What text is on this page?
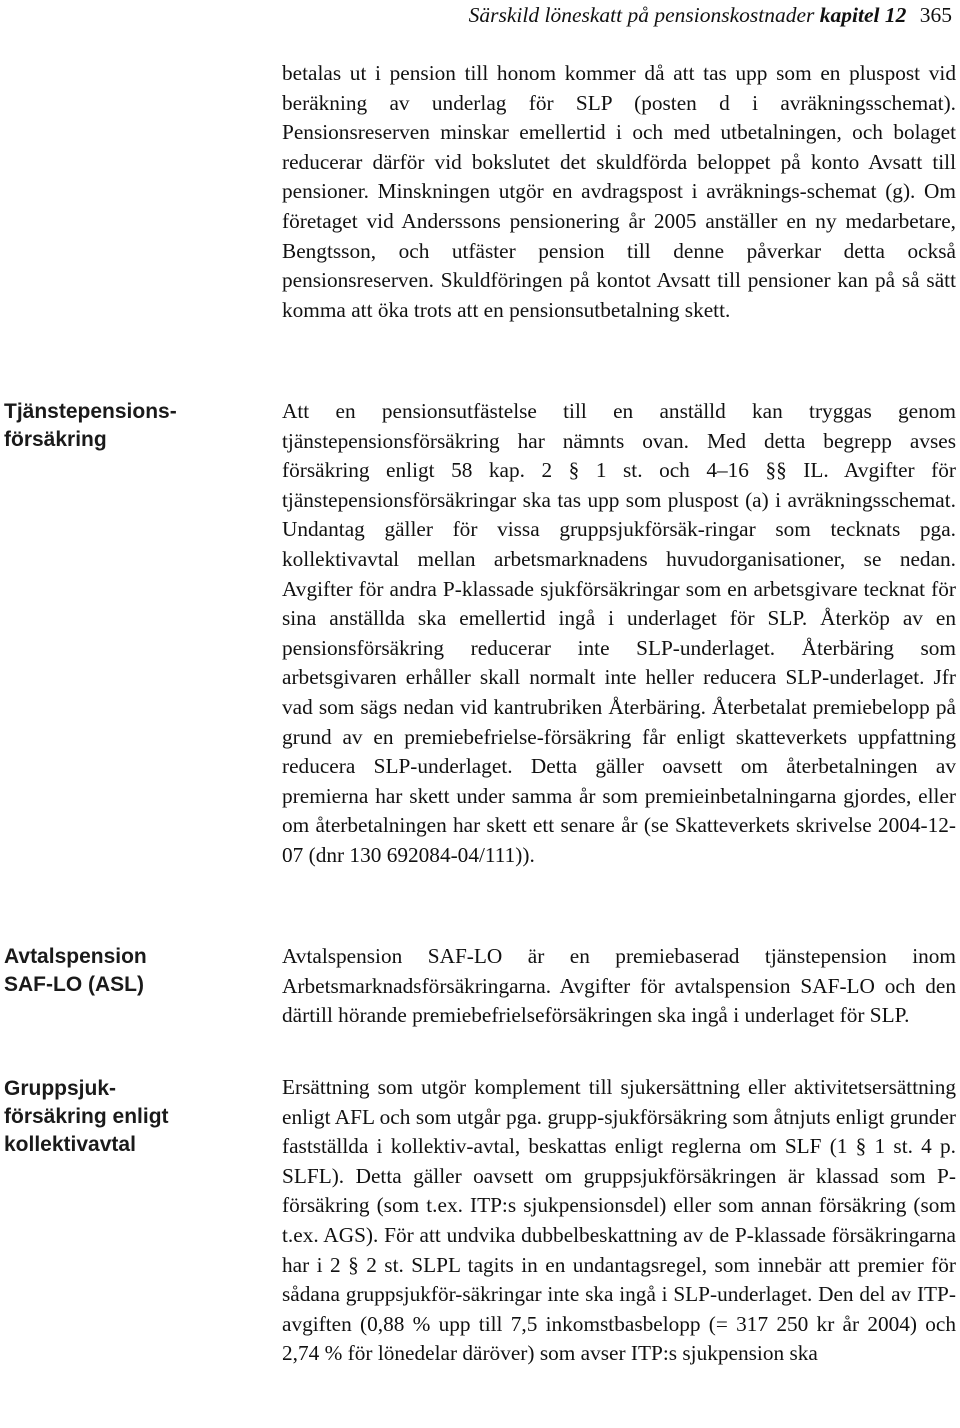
Särskild löneskatt på pensionskostnader kapitel 12 365

betalas ut i pension till honom kommer då att tas upp som en pluspost vid beräkning av underlag för SLP (posten d i avräkningsschemat). Pensionsreserven minskar emellertid i och med utbetalningen, och bolaget reducerar därför vid bokslutet det skuldförda beloppet på konto Avsatt till pensioner. Minskningen utgör en avdragspost i avräknings-schemat (g). Om företaget vid Anderssons pensionering år 2005 anställer en ny medarbetare, Bengtsson, och utfäster pension till denne påverkar detta också pensionsreserven. Skuldföringen på kontot Avsatt till pensioner kan på så sätt komma att öka trots att en pensionsutbetalning skett.

Tjänstepensions-
försäkring

Att en pensionsutfästelse till en anställd kan tryggas genom tjänstepensionsförsäkring har nämnts ovan. Med detta begrepp avses försäkring enligt 58 kap. 2 § 1 st. och 4–16 §§ IL. Avgifter för tjänstepensionsförsäkringar ska tas upp som pluspost (a) i avräkningsschemat. Undantag gäller för vissa gruppsjukförsäk-ringar som tecknats pga. kollektivavtal mellan arbetsmarknadens huvudorganisationer, se nedan. Avgifter för andra P-klassade sjukförsäkringar som en arbetsgivare tecknat för sina anställda ska emellertid ingå i underlaget för SLP. Återköp av en pensionsförsäkring reducerar inte SLP-underlaget. Återbäring som arbetsgivaren erhåller skall normalt inte heller reducera SLP-underlaget. Jfr vad som sägs nedan vid kantrubriken Återbäring. Återbetalat premiebelopp på grund av en premiebefrielse-försäkring får enligt skatteverkets uppfattning reducera SLP-underlaget. Detta gäller oavsett om återbetalningen av premierna har skett under samma år som premieinbetalningarna gjordes, eller om återbetalningen har skett ett senare år (se Skatteverkets skrivelse 2004-12-07 (dnr 130 692084-04/111)).

Avtalspension
SAF-LO (ASL)

Avtalspension SAF-LO är en premiebaserad tjänstepension inom Arbetsmarknadsförsäkringarna. Avgifter för avtalspension SAF-LO och den därtill hörande premiebefrielseförsäkringen ska ingå i underlaget för SLP.

Gruppsjuk-
försäkring enligt
kollektivavtal

Ersättning som utgör komplement till sjukersättning eller aktivitetsersättning enligt AFL och som utgår pga. grupp-sjukförsäkring som åtnjuts enligt grunder fastställda i kollektiv-avtal, beskattas enligt reglerna om SLF (1 § 1 st. 4 p. SLFL). Detta gäller oavsett om gruppsjukförsäkringen är klassad som P-försäkring (som t.ex. ITP:s sjukpensionsdel) eller som annan försäkring (som t.ex. AGS). För att undvika dubbelbeskattning av de P-klassade försäkringarna har i 2 § 2 st. SLPL tagits in en undantagsregel, som innebär att premier för sådana gruppsjukför-säkringar inte ska ingå i SLP-underlaget. Den del av ITP-avgiften (0,88 % upp till 7,5 inkomstbasbelopp (= 317 250 kr år 2004) och 2,74 % för lönedelar däröver) som avser ITP:s sjukpension ska
